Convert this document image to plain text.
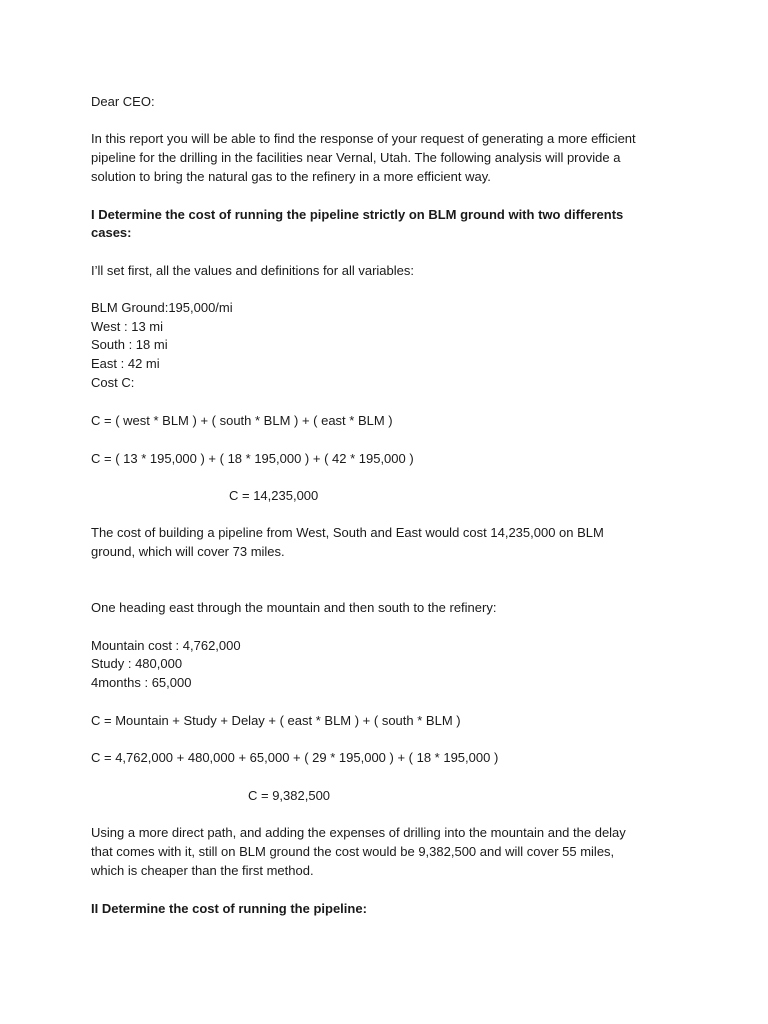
Dear CEO:

In this report you will be able to find the response of your request of generating a more efficient

pipeline for the drilling in the facilities near Vernal, Utah. The following analysis will provide a

solution to bring the natural gas to the refinery in a more efficient way.

I Determine the cost of running the pipeline strictly on BLM ground with two differents

cases:

I’ll set first, all the values and definitions for all variables:

BLM Ground:195,000/mi

West : 13 mi

South : 18 mi

East : 42 mi

Cost C:

C = ( west * BLM ) + ( south * BLM ) + ( east * BLM )

C = ( 13 * 195,000 ) + ( 18 * 195,000 ) + ( 42 * 195,000 )

C = 14,235,000

The cost of building a pipeline from West, South and East would cost 14,235,000 on BLM

ground, which will cover 73 miles.

One heading east through the mountain and then south to the refinery:

Mountain cost : 4,762,000

Study : 480,000

4months : 65,000

C = Mountain + Study + Delay + ( east * BLM ) + ( south * BLM )

C = 4,762,000 + 480,000 + 65,000 + ( 29 * 195,000 ) + ( 18 * 195,000 )

C = 9,382,500

Using a more direct path, and adding the expenses of drilling into the mountain and the delay

that comes with it, still on BLM ground the cost would be 9,382,500 and will cover 55 miles,

which is cheaper than the first method.

II Determine the cost of running the pipeline:
